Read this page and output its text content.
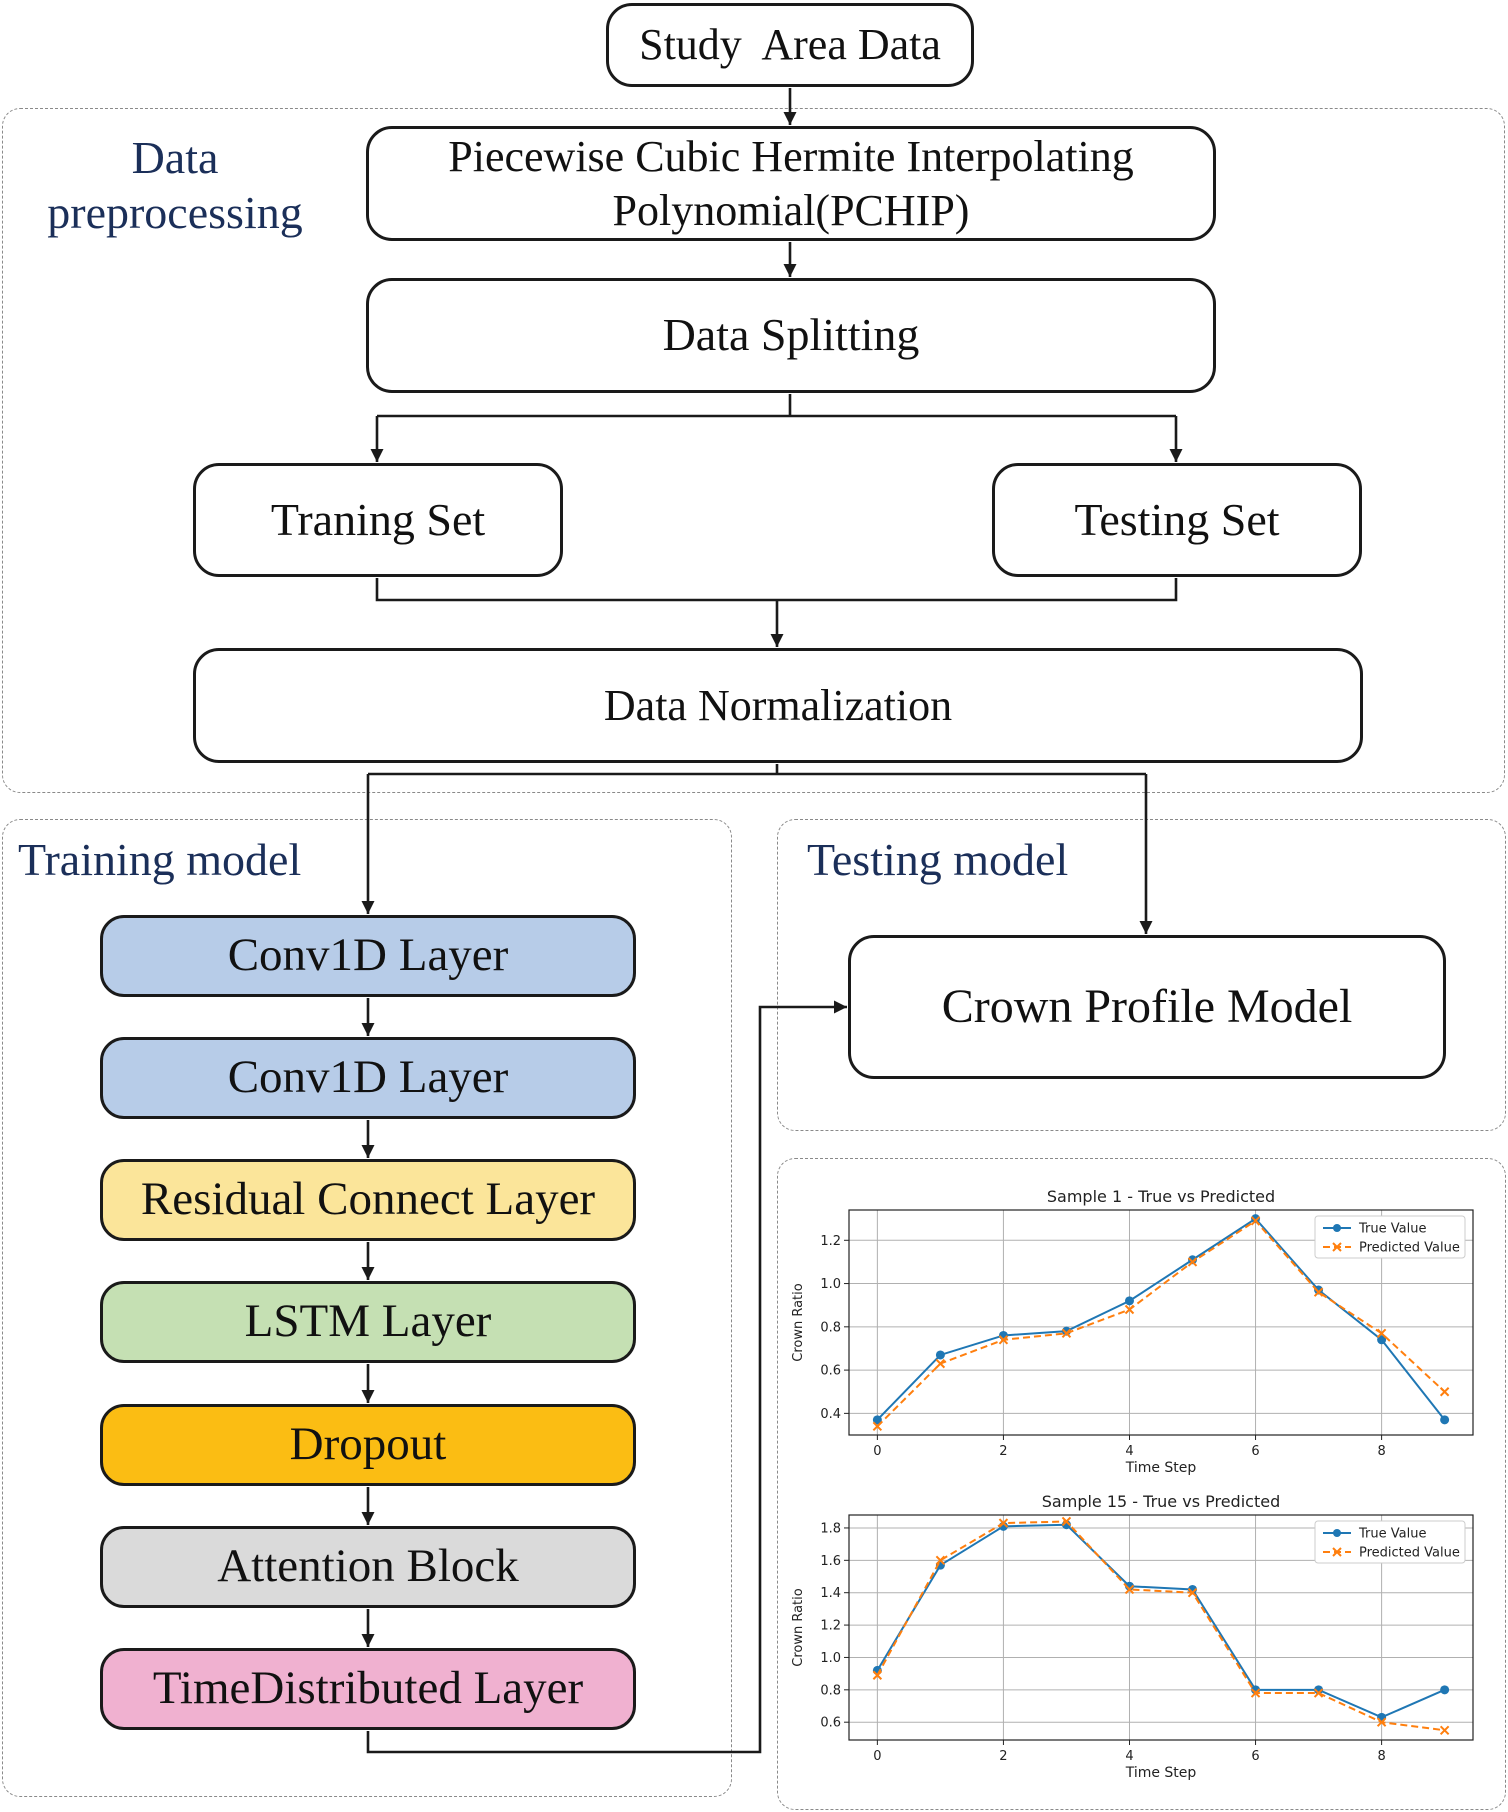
Data
preprocessing
Training model	Testing model
Study  Area Data
Piecewise Cubic Hermite Interpolating
Polynomial(PCHIP)
Data Splitting
Traning Set	Testing Set
Data Normalization
Crown Profile Model
Conv1D Layer
Conv1D Layer
Residual Connect Layer
LSTM Layer
Dropout
Attention Block
TimeDistributed Layer
0	2	4	6	8
0.4
0.6
0.8
1.0
1.2
Sample 1 - True vs Predicted
Time Step
Crown Ratio
True Value
Predicted Value
0	2	4	6	8
0.6
0.8
1.0
1.2
1.4
1.6
1.8
Sample 15 - True vs Predicted
Time Step
Crown Ratio
True Value
Predicted Value
